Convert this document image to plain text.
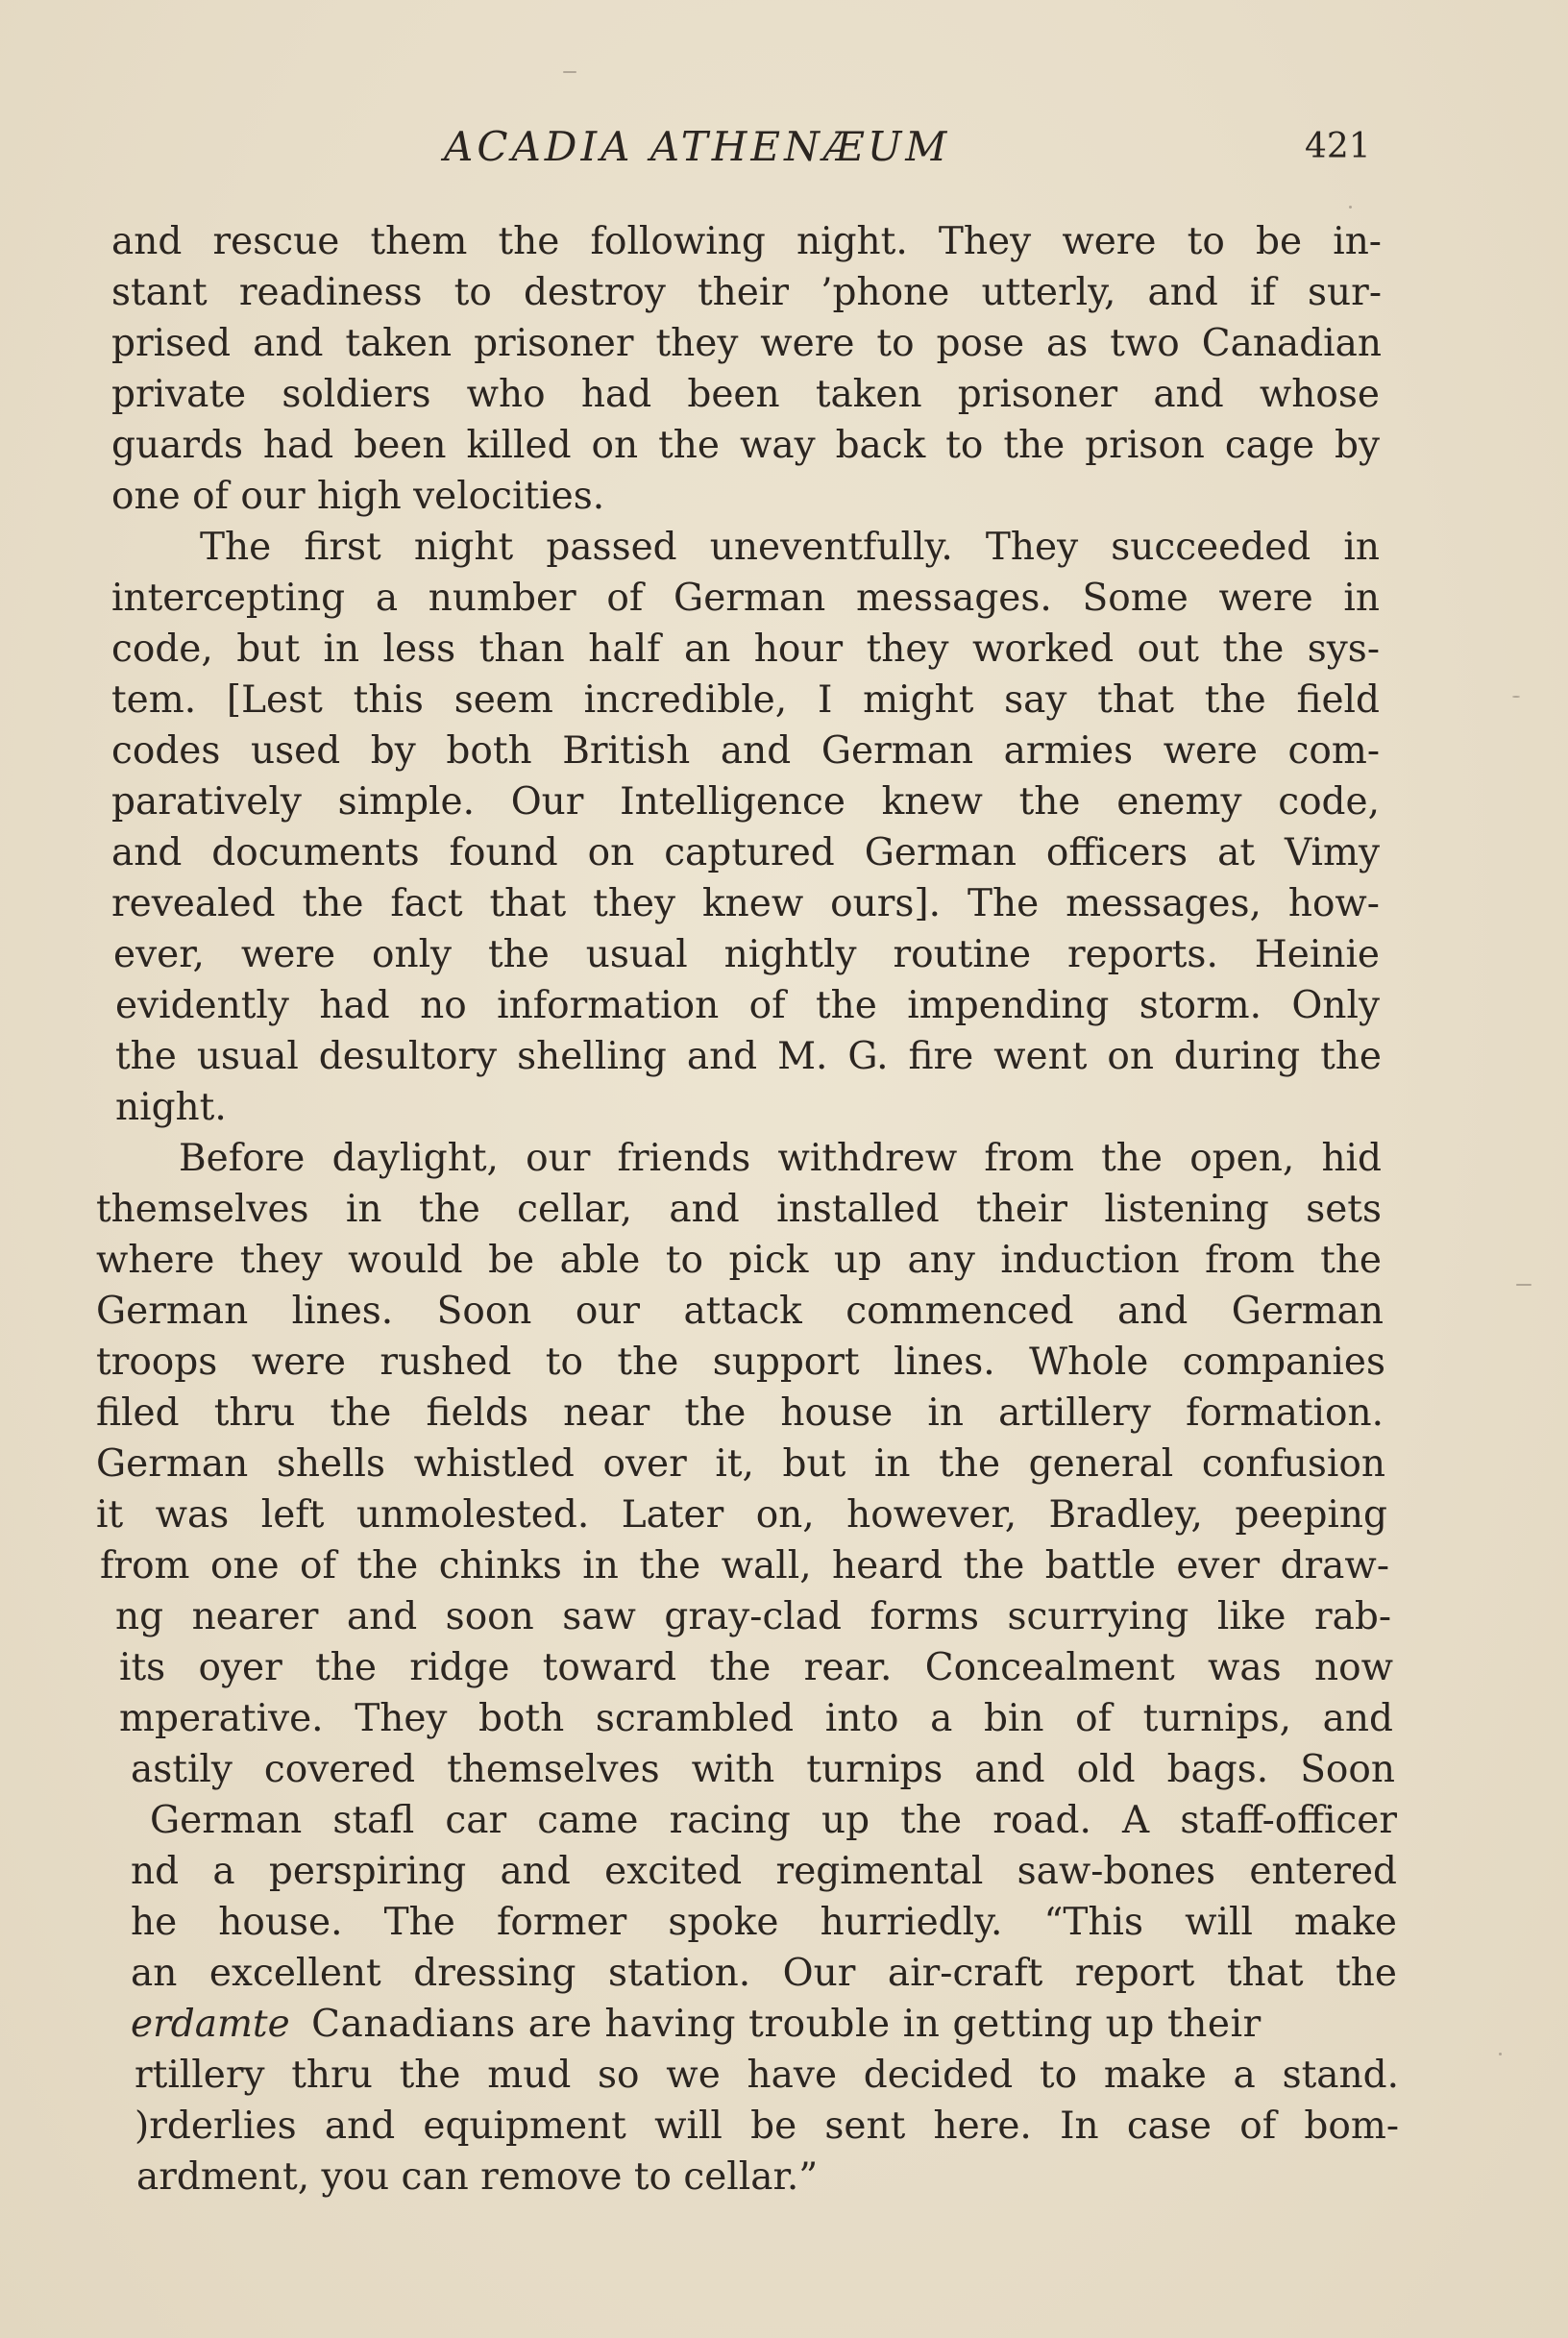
ACADIA ATHENÆUM	421
and rescue them the following night. They were to be in-
stant readiness to destroy their ’phone utterly, and if sur-
prised and taken prisoner they were to pose as two Canadian
private soldiers who had been taken prisoner and whose
guards had been killed on the way back to the prison cage by
one of our high velocities.
The first night passed uneventfully. They succeeded in
intercepting a number of German messages. Some were in
code, but in less than half an hour they worked out the sys-
tem. [Lest this seem incredible, I might say that the field
codes used by both British and German armies were com-
paratively simple. Our Intelligence knew the enemy code,
and documents found on captured German officers at Vimy
revealed the fact that they knew ours]. The messages, how-
ever, were only the usual nightly routine reports. Heinie
evidently had no information of the impending storm. Only
the usual desultory shelling and M. G. fire went on during the
night.
Before daylight, our friends withdrew from the open, hid
themselves in the cellar, and installed their listening sets
where they would be able to pick up any induction from the
German lines. Soon our attack commenced and German
troops were rushed to the support lines. Whole companies
filed thru the fields near the house in artillery formation.
German shells whistled over it, but in the general confusion
it was left unmolested. Later on, however, Bradley, peeping
from one of the chinks in the wall, heard the battle ever draw-
ng nearer and soon saw gray-clad forms scurrying like rab-
its oyer the ridge toward the rear. Concealment was now
mperative. They both scrambled into a bin of turnips, and
astily covered themselves with turnips and old bags. Soon
German stafl car came racing up the road. A staff-officer
nd a perspiring and excited regimental saw-bones entered
he house. The former spoke hurriedly. “This will make
an excellent dressing station. Our air-craft report that the
erdamte Canadians are having trouble in getting up their
rtillery thru the mud so we have decided to make a stand.
)rderlies and equipment will be sent here. In case of bom-
ardment, you can remove to cellar.”
